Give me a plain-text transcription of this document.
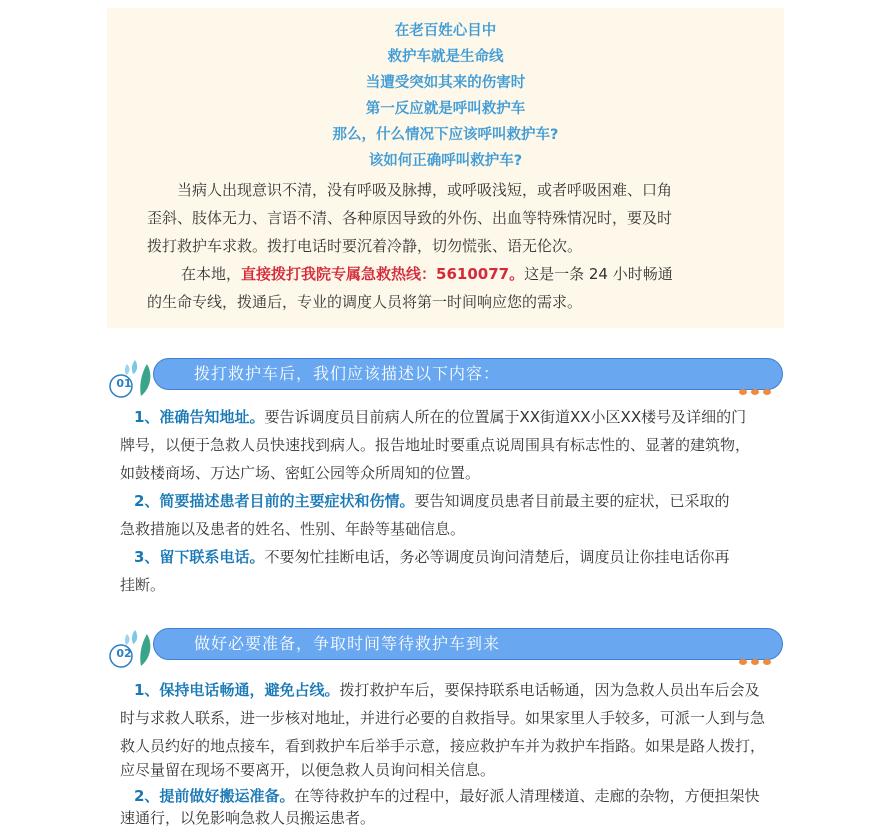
在老百姓心目中
救护车就是生命线
当遭受突如其来的伤害时
第一反应就是呼叫救护车
那么，什么情况下应该呼叫救护车?
该如何正确呼叫救护车?
当病人出现意识不清，没有呼吸及脉搏，或呼吸浅短，或者呼吸困难、口角
歪斜、肢体无力、言语不清、各种原因导致的外伤、出血等特殊情况时，要及时
拨打救护车求救。拨打电话时要沉着冷静，切勿慌张、语无伦次。
在本地，直接拨打我院专属急救热线：5610077。这是一条 24 小时畅通
的生命专线，拨通后，专业的调度人员将第一时间响应您的需求。
拨打救护车后，我们应该描述以下内容：
01
1、准确告知地址。要告诉调度员目前病人所在的位置属于XX街道XX小区XX楼号及详细的门
牌号，以便于急救人员快速找到病人。报告地址时要重点说周围具有标志性的、显著的建筑物，
如鼓楼商场、万达广场、密虹公园等众所周知的位置。
2、简要描述患者目前的主要症状和伤情。要告知调度员患者目前最主要的症状，已采取的
急救措施以及患者的姓名、性别、年龄等基础信息。
3、留下联系电话。不要匆忙挂断电话，务必等调度员询问清楚后，调度员让你挂电话你再
挂断。
做好必要准备，争取时间等待救护车到来
02
1、保持电话畅通，避免占线。拨打救护车后，要保持联系电话畅通，因为急救人员出车后会及
时与求救人联系，进一步核对地址，并进行必要的自救指导。如果家里人手较多，可派一人到与急
救人员约好的地点接车，看到救护车后举手示意，接应救护车并为救护车指路。如果是路人拨打，
应尽量留在现场不要离开，以便急救人员询问相关信息。
2、提前做好搬运准备。在等待救护车的过程中，最好派人清理楼道、走廊的杂物，方便担架快
速通行，以免影响急救人员搬运患者。
